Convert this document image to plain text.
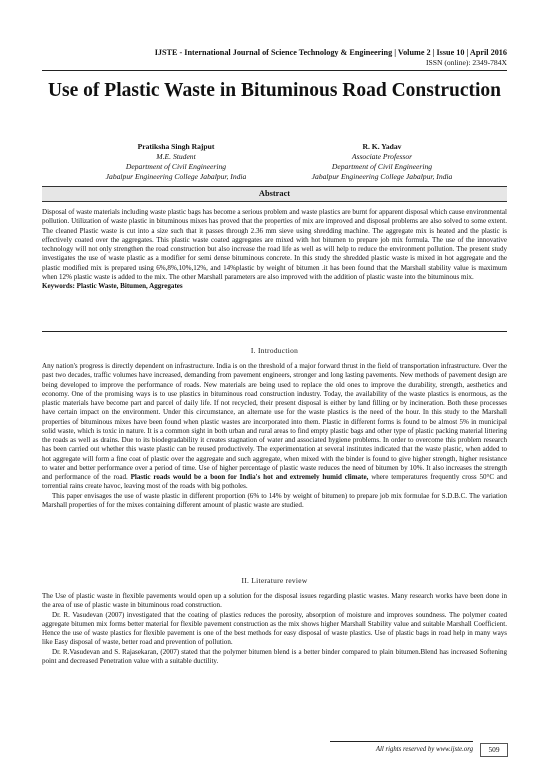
IJSTE - International Journal of Science Technology & Engineering | Volume 2 | Issue 10 | April 2016
ISSN (online): 2349-784X
Use of Plastic Waste in Bituminous Road Construction
Pratiksha Singh Rajput
M.E. Student
Department of Civil Engineering
Jabalpur Engineering College Jabalpur, India
R. K. Yadav
Associate Professor
Department of Civil Engineering
Jabalpur Engineering College Jabalpur, India
Abstract

Disposal of waste materials including waste plastic bags has become a serious problem and waste plastics are burnt for apparent disposal which cause environmental pollution. Utilization of waste plastic in bituminous mixes has proved that the properties of mix are improved and disposal problems are also solved to some extent. The cleaned Plastic waste is cut into a size such that it passes through 2.36 mm sieve using shredding machine. The aggregate mix is heated and the plastic is effectively coated over the aggregates. This plastic waste coated aggregates are mixed with hot bitumen to prepare job mix formula. The use of the innovative technology will not only strengthen the road construction but also increase the road life as well as will help to reduce the environment pollution. The present study investigates the use of waste plastic as a modifier for semi dense bituminous concrete. In this study the shredded plastic waste is mixed in hot aggregate and the plastic modified mix is prepared using 6%,8%,10%,12%, and 14%plastic by weight of bitumen .it has been found that the Marshall stability value is maximum when 12% plastic waste is added to the mix. The other Marshall parameters are also improved with the addition of plastic waste into the bituminous mix.

Keywords: Plastic Waste, Bitumen, Aggregates

I. Introduction

Any nation's progress is directly dependent on infrastructure. India is on the threshold of a major forward thrust in the field of transportation infrastructure. Over the past two decades, traffic volumes have increased, demanding from pavement engineers, stronger and long lasting pavements. New methods of pavement design are being developed to improve the performance of roads. New materials are being used to replace the old ones to improve the durability, strength, aesthetics and economy. One of the promising ways is to use plastics in bituminous road construction industry. Today, the availability of the waste plastics is enormous, as the plastic materials have become part and parcel of daily life. If not recycled, their present disposal is either by land filling or by incineration. Both these processes have certain impact on the environment. Under this circumstance, an alternate use for the waste plastics is the need of the hour. In this study to the Marshall properties of bituminous mixes have been found when plastic wastes are incorporated into them. Plastic in different forms is found to be almost 5% in municipal solid waste, which is toxic in nature. It is a common sight in both urban and rural areas to find empty plastic bags and other type of plastic packing material littering the roads as well as drains. Due to its biodegradability it creates stagnation of water and associated hygiene problems. In order to overcome this problem research has been carried out whether this waste plastic can be reused productively. The experimentation at several institutes indicated that the waste plastic, when added to hot aggregate will form a fine coat of plastic over the aggregate and such aggregate, when mixed with the binder is found to give higher strength, higher resistance to water and better performance over a period of time. Use of higher percentage of plastic waste reduces the need of bitumen by 10%. It also increases the strength and performance of the road. Plastic roads would be a boon for India's hot and extremely humid climate, where temperatures frequently cross 50°C and torrential rains create havoc, leaving most of the roads with big potholes.

This paper envisages the use of waste plastic in different proportion (6% to 14% by weight of bitumen) to prepare job mix formulae for S.D.B.C. The variation Marshall properties of for the mixes containing different amount of plastic waste are studied.

II. Literature review

The Use of plastic waste in flexible pavements would open up a solution for the disposal issues regarding plastic wastes. Many research works have been done in the area of use of plastic waste in bituminous road construction.

Dr. R. Vasudevan (2007) investigated that the coating of plastics reduces the porosity, absorption of moisture and improves soundness. The polymer coated aggregate bitumen mix forms better material for flexible pavement construction as the mix shows higher Marshall Stability value and suitable Marshall Coefficient. Hence the use of waste plastics for flexible pavement is one of the best methods for easy disposal of waste plastics. Use of plastic bags in road help in many ways like Easy disposal of waste, better road and prevention of pollution.

Dr. R.Vasudevan and S. Rajasekaran, (2007) stated that the polymer bitumen blend is a better binder compared to plain bitumen.Blend has increased Softening point and decreased Penetration value with a suitable ductility.

All rights reserved by www.ijste.org	509
